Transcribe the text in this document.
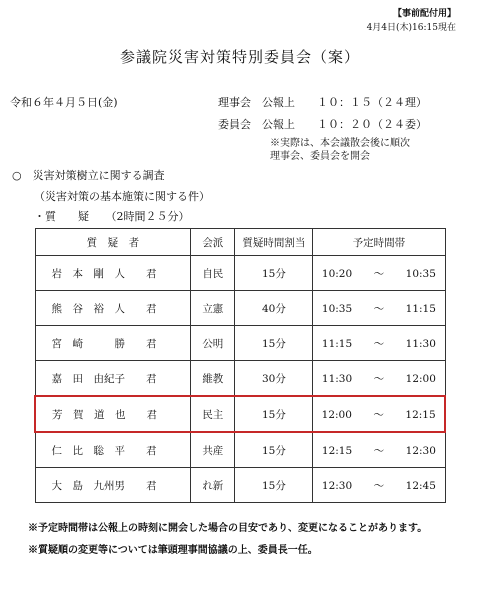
【事前配付用】
4月4日(木)16:15現在
参議院災害対策特別委員会（案）
令和６年４月５日(金)	理事会　公報上　　１０：１５（２４理）
委員会　公報上　　１０：２０（２４委）
※実際は、本会議散会後に順次
理事会、委員会を開会
○　災害対策樹立に関する調査
（災害対策の基本施策に関する件）
・質　　疑　　（2時間２５分）
質　疑　者	会派	質疑時間割当	予定時間帯
岩　本　剛　人　　君	自民	15分	10:20 〜 10:35
熊　谷　裕　人　　君	立憲	40分	10:35 〜 11:15
宮　崎　　　勝　　君	公明	15分	11:15 〜 11:30
嘉　田　由紀子　　君	維教	30分	11:30 〜 12:00
芳　賀　道　也　　君	民主	15分	12:00 〜 12:15
仁　比　聡　平　　君	共産	15分	12:15 〜 12:30
大　島　九州男　　君	れ新	15分	12:30 〜 12:45
※予定時間帯は公報上の時刻に開会した場合の目安であり、変更になることがあります。
※質疑順の変更等については筆頭理事間協議の上、委員長一任。
